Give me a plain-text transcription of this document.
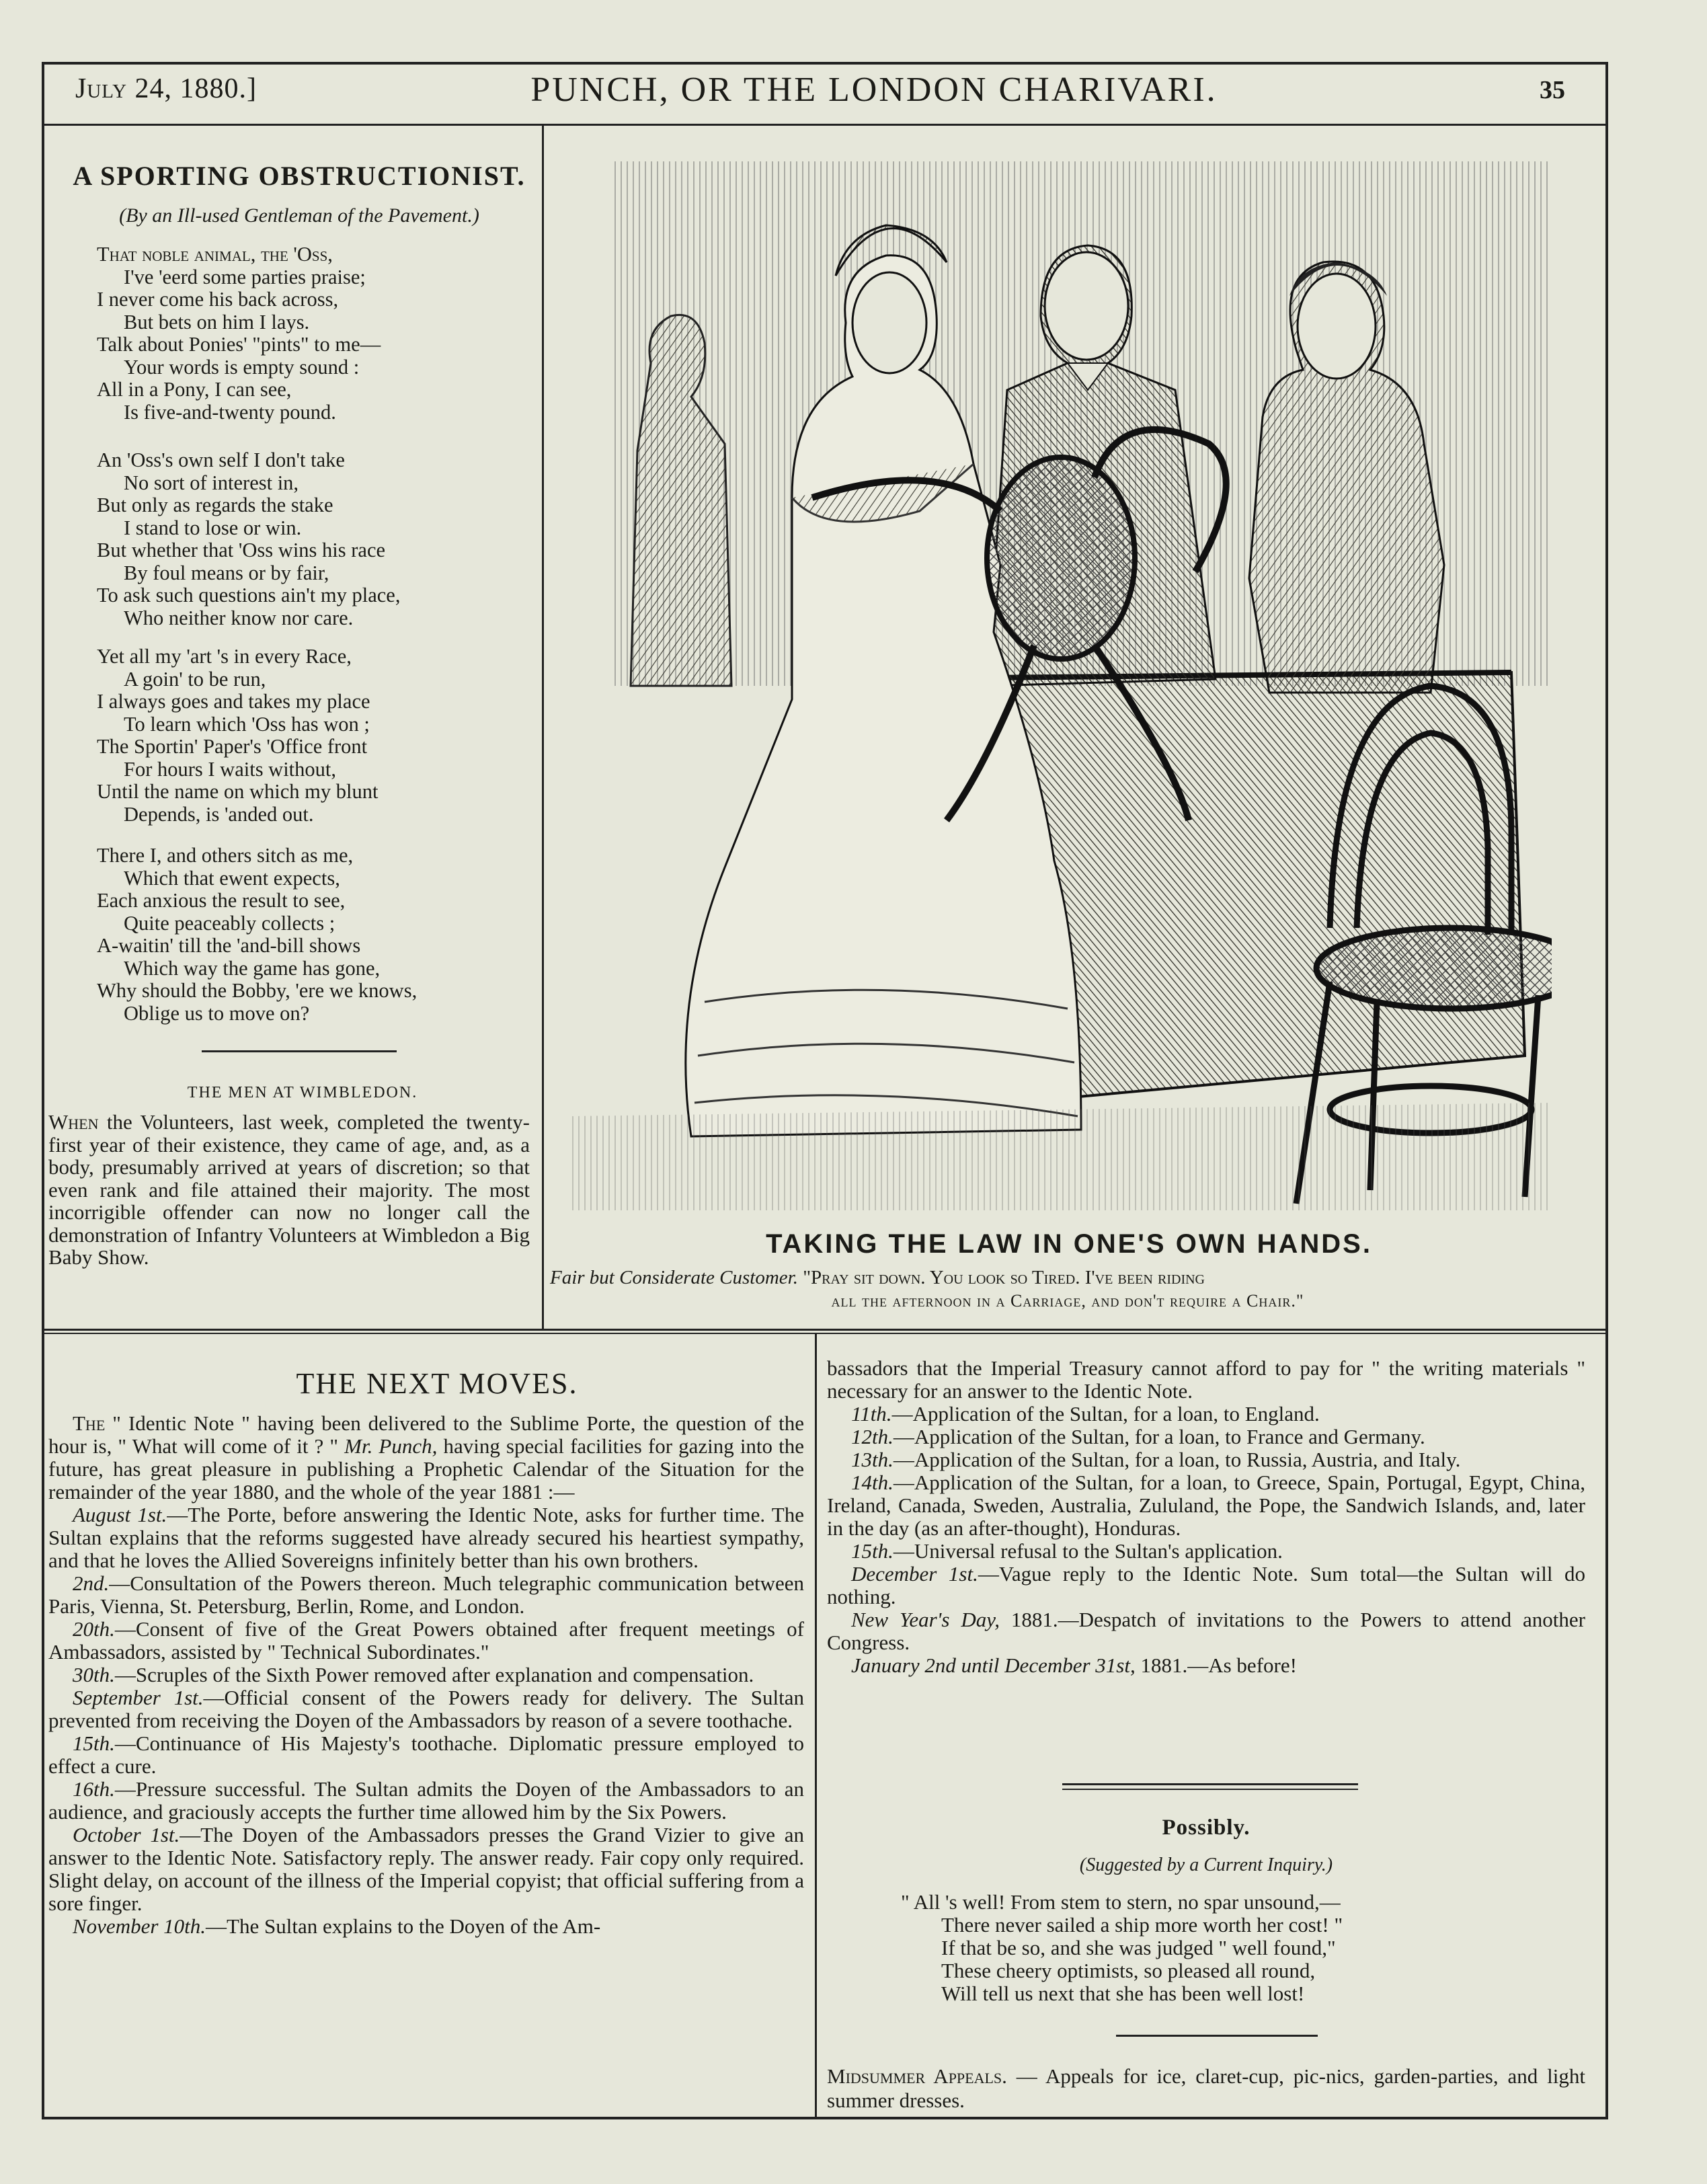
July 24, 1880.]	PUNCH, OR THE LONDON CHARIVARI.	35
A SPORTING OBSTRUCTIONIST.
(By an Ill-used Gentleman of the Pavement.)
That noble animal, the 'Oss,
I've 'eerd some parties praise;
I never come his back across,
But bets on him I lays.
Talk about Ponies' "pints" to me—
Your words is empty sound :
All in a Pony, I can see,
Is five-and-twenty pound.
An 'Oss's own self I don't take
No sort of interest in,
But only as regards the stake
I stand to lose or win.
But whether that 'Oss wins his race
By foul means or by fair,
To ask such questions ain't my place,
Who neither know nor care.
Yet all my 'art 's in every Race,
A goin' to be run,
I always goes and takes my place
To learn which 'Oss has won ;
The Sportin' Paper's 'Office front
For hours I waits without,
Until the name on which my blunt
Depends, is 'anded out.
There I, and others sitch as me,
Which that ewent expects,
Each anxious the result to see,
Quite peaceably collects ;
A-waitin' till the 'and-bill shows
Which way the game has gone,
Why should the Bobby, 'ere we knows,
Oblige us to move on?
THE MEN AT WIMBLEDON.
When the Volunteers, last week, completed the twenty-first year of their existence, they came of age, and, as a body, presumably arrived at years of discretion; so that even rank and file attained their majority. The most incorrigible offender can now no longer call the demonstration of Infantry Volunteers at Wimbledon a Big Baby Show.	TAKING THE LAW IN ONE'S OWN HANDS.
Fair but Considerate Customer. "Pray sit down. You look so Tired. I've been riding
all the afternoon in a Carriage, and don't require a Chair."
THE NEXT MOVES.
The " Identic Note " having been delivered to the Sublime Porte, the question of the hour is, " What will come of it ? " Mr. Punch, having special facilities for gazing into the future, has great pleasure in publishing a Prophetic Calendar of the Situation for the remainder of the year 1880, and the whole of the year 1881 :—
August 1st.—The Porte, before answering the Identic Note, asks for further time. The Sultan explains that the reforms suggested have already secured his heartiest sympathy, and that he loves the Allied Sovereigns infinitely better than his own brothers.
2nd.—Consultation of the Powers thereon. Much telegraphic communication between Paris, Vienna, St. Petersburg, Berlin, Rome, and London.
20th.—Consent of five of the Great Powers obtained after frequent meetings of Ambassadors, assisted by " Technical Subordinates."
30th.—Scruples of the Sixth Power removed after explanation and compensation.
September 1st.—Official consent of the Powers ready for delivery. The Sultan prevented from receiving the Doyen of the Ambassadors by reason of a severe toothache.
15th.—Continuance of His Majesty's toothache. Diplomatic pressure employed to effect a cure.
16th.—Pressure successful. The Sultan admits the Doyen of the Ambassadors to an audience, and graciously accepts the further time allowed him by the Six Powers.
October 1st.—The Doyen of the Ambassadors presses the Grand Vizier to give an answer to the Identic Note. Satisfactory reply. The answer ready. Fair copy only required. Slight delay, on account of the illness of the Imperial copyist; that official suffering from a sore finger.
November 10th.—The Sultan explains to the Doyen of the Am-
bassadors that the Imperial Treasury cannot afford to pay for " the writing materials " necessary for an answer to the Identic Note.
11th.—Application of the Sultan, for a loan, to England.
12th.—Application of the Sultan, for a loan, to France and Germany.
13th.—Application of the Sultan, for a loan, to Russia, Austria, and Italy.
14th.—Application of the Sultan, for a loan, to Greece, Spain, Portugal, Egypt, China, Ireland, Canada, Sweden, Australia, Zululand, the Pope, the Sandwich Islands, and, later in the day (as an after-thought), Honduras.
15th.—Universal refusal to the Sultan's application.
December 1st.—Vague reply to the Identic Note. Sum total—the Sultan will do nothing.
New Year's Day, 1881.—Despatch of invitations to the Powers to attend another Congress.
January 2nd until December 31st, 1881.—As before!
Possibly.
(Suggested by a Current Inquiry.)
" All 's well! From stem to stern, no spar unsound,—
There never sailed a ship more worth her cost! "
If that be so, and she was judged " well found,"
These cheery optimists, so pleased all round,
Will tell us next that she has been well lost!
Midsummer Appeals. — Appeals for ice, claret-cup, pic-nics, garden-parties, and light summer dresses.
